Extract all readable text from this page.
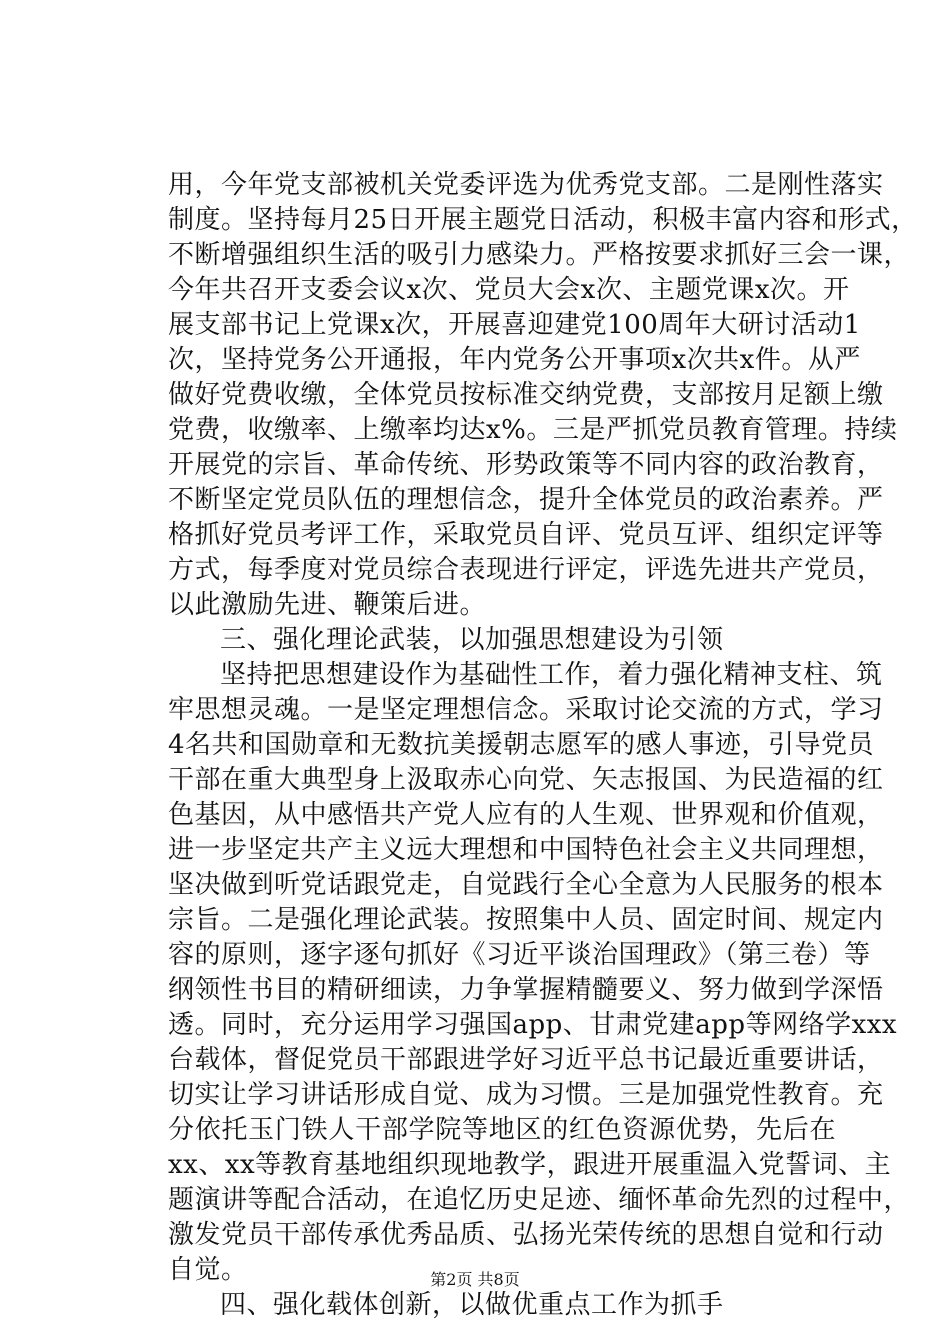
用，今年党支部被机关党委评选为优秀党支部。二是刚性落实
制度。坚持每月25日开展主题党日活动，积极丰富内容和形式，
不断增强组织生活的吸引力感染力。严格按要求抓好三会一课，
今年共召开支委会议x次、党员大会x次、主题党课x次。开
展支部书记上党课x次，开展喜迎建党100周年大研讨活动1
次，坚持党务公开通报，年内党务公开事项x次共x件。从严
做好党费收缴，全体党员按标准交纳党费，支部按月足额上缴
党费，收缴率、上缴率均达x%。三是严抓党员教育管理。持续
开展党的宗旨、革命传统、形势政策等不同内容的政治教育，
不断坚定党员队伍的理想信念，提升全体党员的政治素养。严
格抓好党员考评工作，采取党员自评、党员互评、组织定评等
方式，每季度对党员综合表现进行评定，评选先进共产党员，
以此激励先进、鞭策后进。
三、强化理论武装，以加强思想建设为引领
坚持把思想建设作为基础性工作，着力强化精神支柱、筑
牢思想灵魂。一是坚定理想信念。采取讨论交流的方式，学习
4名共和国勋章和无数抗美援朝志愿军的感人事迹，引导党员
干部在重大典型身上汲取赤心向党、矢志报国、为民造福的红
色基因，从中感悟共产党人应有的人生观、世界观和价值观，
进一步坚定共产主义远大理想和中国特色社会主义共同理想，
坚决做到听党话跟党走，自觉践行全心全意为人民服务的根本
宗旨。二是强化理论武装。按照集中人员、固定时间、规定内
容的原则，逐字逐句抓好《习近平谈治国理政》（第三卷）等
纲领性书目的精研细读，力争掌握精髓要义、努力做到学深悟
透。同时，充分运用学习强国app、甘肃党建app等网络学xxx
台载体，督促党员干部跟进学好习近平总书记最近重要讲话，
切实让学习讲话形成自觉、成为习惯。三是加强党性教育。充
分依托玉门铁人干部学院等地区的红色资源优势，先后在
xx、xx等教育基地组织现地教学，跟进开展重温入党誓词、主
题演讲等配合活动，在追忆历史足迹、缅怀革命先烈的过程中，
激发党员干部传承优秀品质、弘扬光荣传统的思想自觉和行动
自觉。
四、强化载体创新，以做优重点工作为抓手
第2页 共8页
